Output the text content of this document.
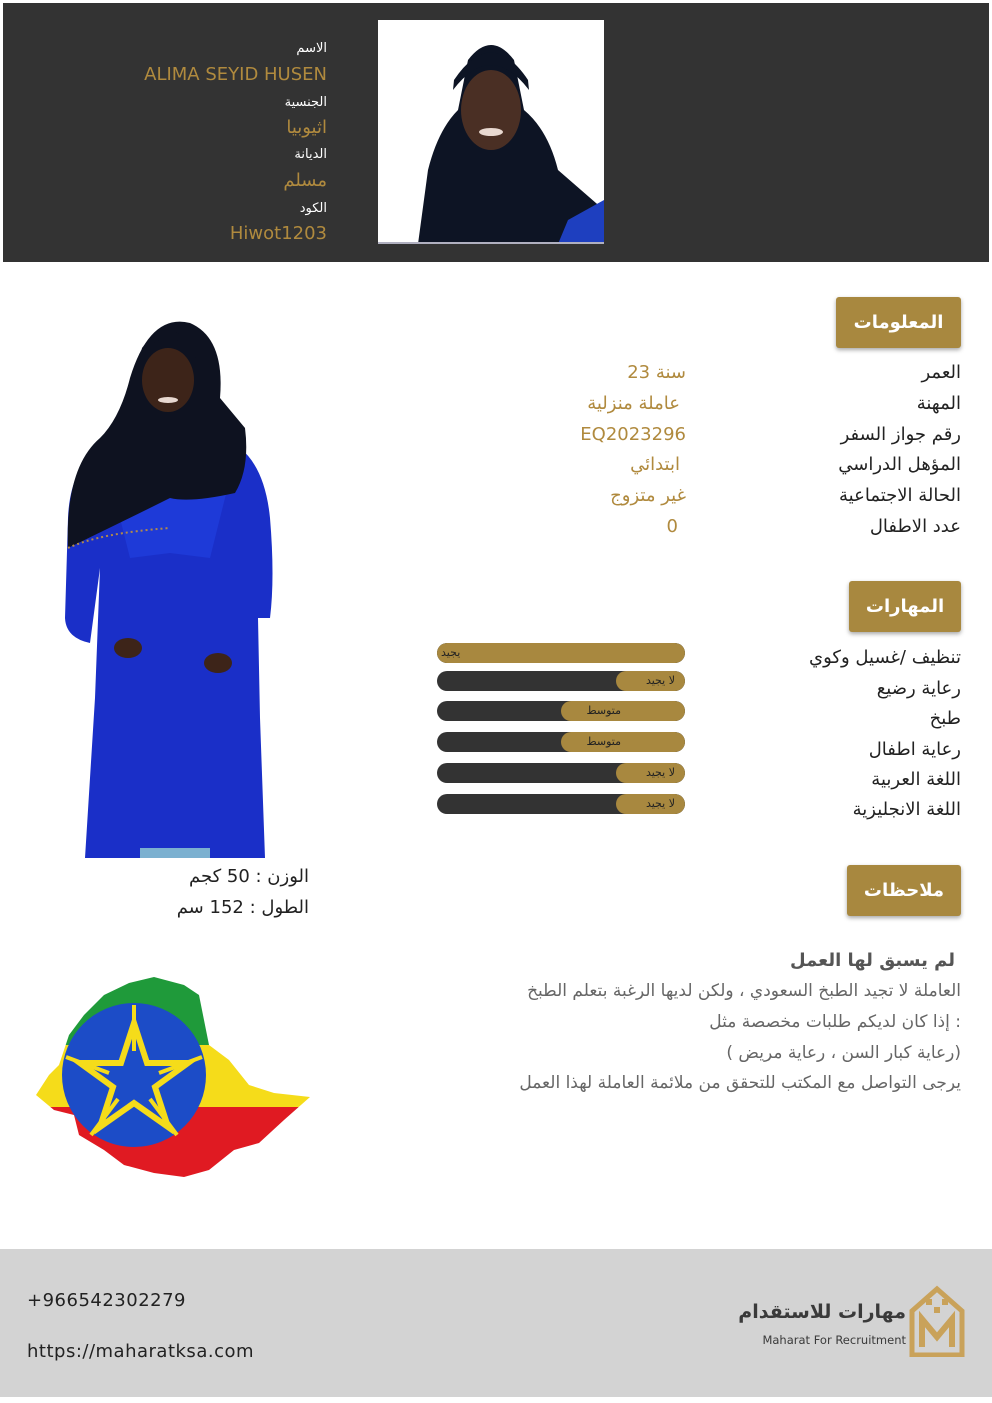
الاسم
ALIMA SEYID HUSEN
الجنسية
اثيوبيا
الديانة
مسلم
الكود
Hiwot1203
المعلومات
العمر
23 سنة
المهنة
عاملة منزلية
رقم جواز السفر
EQ2023296
المؤهل الدراسي
ابتدائي
الحالة الاجتماعية
غير متزوج
عدد الاطفال
0
المهارات
تنظيف /غسيل وكوي
رعاية رضيع
طبخ
رعاية اطفال
اللغة العربية
اللغة الانجليزية
يجيد
لا يجيد
متوسط
متوسط
لا يجيد
لا يجيد
ملاحظات
لم يسبق لها العمل
العاملة لا تجيد الطبخ السعودي ، ولكن لديها الرغبة بتعلم الطبخ
إذا كان لديكم طلبات مخصصة مثل :
( رعاية كبار السن ، رعاية مريض)
يرجى التواصل مع المكتب للتحقق من ملائمة العاملة لهذا العمل
الوزن : 50 كجم
الطول : 152 سم
+966542302279
https://maharatksa.com
مهارات للاستقدام
Maharat For Recruitment
